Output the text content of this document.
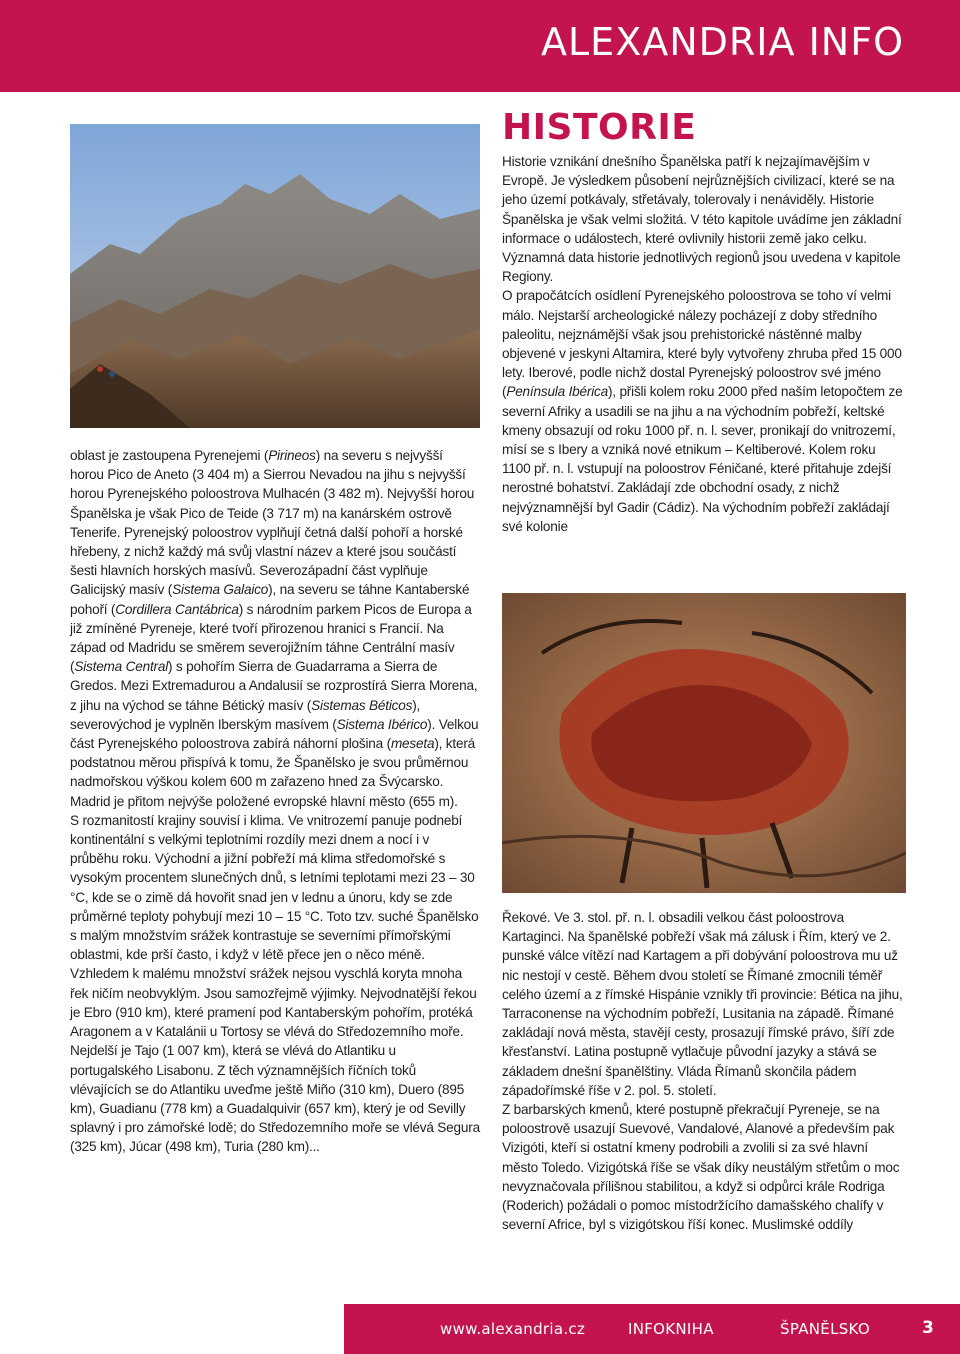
ALEXANDRIA INFO

oblast je zastoupena Pyrenejemi (Pirineos) na severu s nejvyšší horou Pico de Aneto (3 404 m) a Sierrou Nevadou na jihu s nejvyšší horou Pyrenejského poloostrova Mulhacén (3 482 m). Nejvyšší horou Španělska je však Pico de Teide (3 717 m) na kanárském ostrově Tenerife. Pyrenejský poloostrov vyplňují četná další pohoří a horské hřebeny, z nichž každý má svůj vlastní název a které jsou součástí šesti hlavních horských masívů. Severozápadní část vyplňuje Galicijský masív (Sistema Galaico), na severu se táhne Kantaberské pohoří (Cordillera Cantábrica) s národním parkem Picos de Europa a již zmíněné Pyreneje, které tvoří přirozenou hranici s Francií. Na západ od Madridu se směrem severojižním táhne Centrální masív (Sistema Central) s pohořím Sierra de Guadarrama a Sierra de Gredos. Mezi Extremadurou a Andalusií se rozprostírá Sierra Morena, z jihu na východ se táhne Bétický masív (Sistemas Béticos), severovýchod je vyplněn Iberským masívem (Sistema Ibérico). Velkou část Pyrenejského poloostrova zabírá náhorní plošina (meseta), která podstatnou měrou přispívá k tomu, že Španělsko je svou průměrnou nadmořskou výškou kolem 600 m zařazeno hned za Švýcarsko. Madrid je přitom nejvýše položené evropské hlavní město (655 m).

S rozmanitostí krajiny souvisí i klima. Ve vnitrozemí panuje podnebí kontinentální s velkými teplotními rozdíly mezi dnem a nocí i v průběhu roku. Východní a jižní pobřeží má klima středomořské s vysokým procentem slunečných dnů, s letními teplotami mezi 23 – 30 °C, kde se o zimě dá hovořit snad jen v lednu a únoru, kdy se zde průměrné teploty pohybují mezi 10 – 15 °C. Toto tzv. suché Španělsko s malým množstvím srážek kontrastuje se severními přímořskými oblastmi, kde prší často, i když v létě přece jen o něco méně.

Vzhledem k malému množství srážek nejsou vyschlá koryta mnoha řek ničím neobvyklým. Jsou samozřejmě výjimky. Nejvodnatější řekou je Ebro (910 km), které pramení pod Kantaberským pohořím, protéká Aragonem a v Katalánii u Tortosy se vlévá do Středozemního moře. Nejdelší je Tajo (1 007 km), která se vlévá do Atlantiku u portugalského Lisabonu. Z těch významnějších říčních toků vlévajících se do Atlantiku uveďme ještě Miño (310 km), Duero (895 km), Guadianu (778 km) a Guadalquivir (657 km), který je od Sevilly splavný i pro zámořské lodě; do Středozemního moře se vlévá Segura (325 km), Júcar (498 km), Turia (280 km)...

HISTORIE

Historie vznikání dnešního Španělska patří k nejzajímavějším v Evropě. Je výsledkem působení nejrůznějších civilizací, které se na jeho území potkávaly, střetávaly, tolerovaly i nenáviděly. Historie Španělska je však velmi složitá. V této kapitole uvádíme jen základní informace o událostech, které ovlivnily historii země jako celku. Významná data historie jednotlivých regionů jsou uvedena v kapitole Regiony.

O prapočátcích osídlení Pyrenejského poloostrova se toho ví velmi málo. Nejstarší archeologické nálezy pocházejí z doby středního paleolitu, nejznámější však jsou prehistorické nástěnné malby objevené v jeskyni Altamira, které byly vytvořeny zhruba před 15 000 lety. Iberové, podle nichž dostal Pyrenejský poloostrov své jméno (Península Ibérica), přišli kolem roku 2000 před naším letopočtem ze severní Afriky a usadili se na jihu a na východním pobřeží, keltské kmeny obsazují od roku 1000 př. n. l. sever, pronikají do vnitrozemí, mísí se s Ibery a vzniká nové etnikum – Keltiberové. Kolem roku 1100 př. n. l. vstupují na poloostrov Féničané, které přitahuje zdejší nerostné bohatství. Zakládají zde obchodní osady, z nichž nejvýznamnější byl Gadir (Cádiz). Na východním pobřeží zakládají své kolonie

Řekové. Ve 3. stol. př. n. l. obsadili velkou část poloostrova Kartaginci. Na španělské pobřeží však má zálusk i Řím, který ve 2. punské válce vítězí nad Kartagem a při dobývání poloostrova mu už nic nestojí v cestě. Během dvou století se Římané zmocnili téměř celého území a z římské Hispánie vznikly tři provincie: Bética na jihu, Tarraconense na východním pobřeží, Lusitania na západě. Římané zakládají nová města, stavějí cesty, prosazují římské právo, šíří zde křesťanství. Latina postupně vytlačuje původní jazyky a stává se základem dnešní španělštiny. Vláda Římanů skončila pádem západořímské říše v 2. pol. 5. století.

Z barbarských kmenů, které postupně překračují Pyreneje, se na poloostrově usazují Suevové, Vandalové, Alanové a především pak Vizigóti, kteří si ostatní kmeny podrobili a zvolili si za své hlavní město Toledo. Vizigótská říše se však díky neustálým střetům o moc nevyznačovala přílišnou stabilitou, a když si odpůrci krále Rodriga (Roderich) požádali o pomoc místodržícího damašského chalífy v severní Africe, byl s vizigótskou říší konec. Muslimské oddíly

www.alexandria.cz	INFOKNIHA	ŠPANĚLSKO	3
